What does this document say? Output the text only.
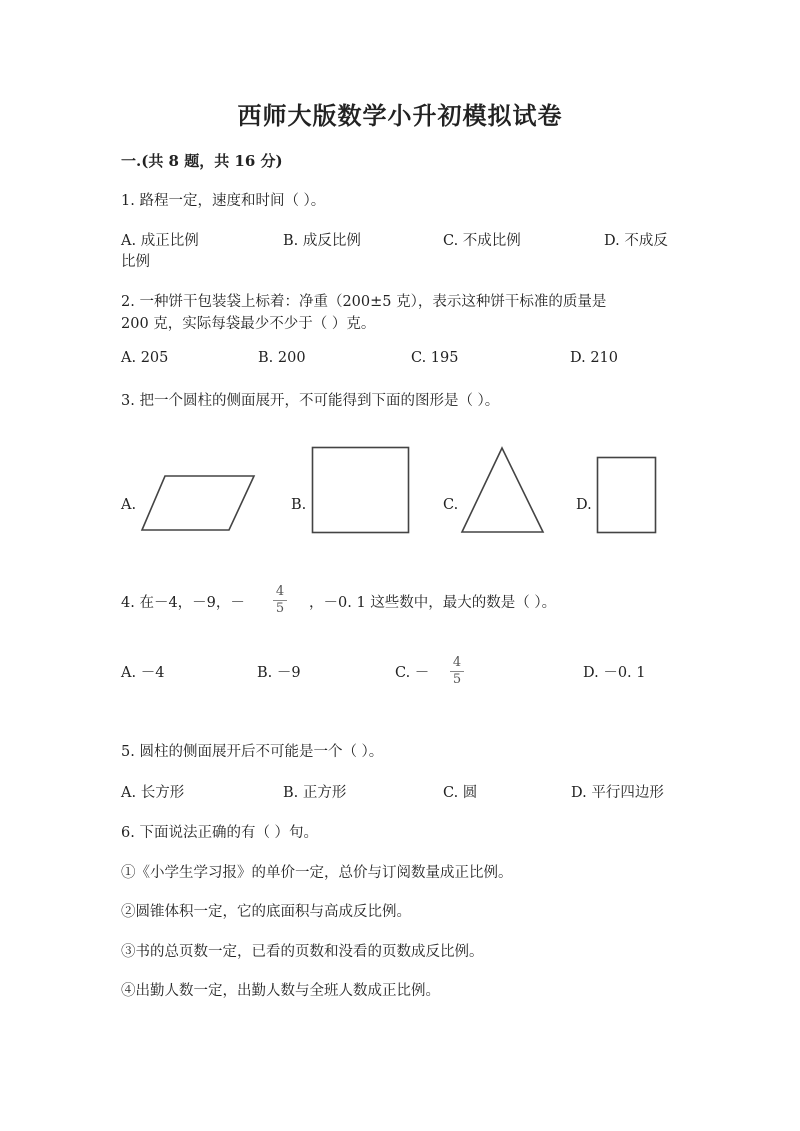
西师大版数学小升初模拟试卷
一.(共 8 题，共 16 分)
1. 路程一定，速度和时间（ ）。
A. 成正比例	B. 成反比例	C. 不成比例	D. 不成反
比例
2. 一种饼干包装袋上标着：净重（200±5 克），表示这种饼干标准的质量是
200 克，实际每袋最少不少于（ ）克。
A. 205	B. 200	C. 195	D. 210
3. 把一个圆柱的侧面展开，不可能得到下面的图形是（ ）。
A.	B.	C.	D.
4. 在－4，－9，－
4
5 ，－0. 1 这些数中，最大的数是（ ）。
A. －4	B. －9	C. －
4
5	D. －0. 1
5. 圆柱的侧面展开后不可能是一个（ ）。
A. 长方形	B. 正方形	C. 圆	D. 平行四边形
6. 下面说法正确的有（ ）句。
①《小学生学习报》的单价一定，总价与订阅数量成正比例。
②圆锥体积一定，它的底面积与高成反比例。
③书的总页数一定，已看的页数和没看的页数成反比例。
④出勤人数一定，出勤人数与全班人数成正比例。
